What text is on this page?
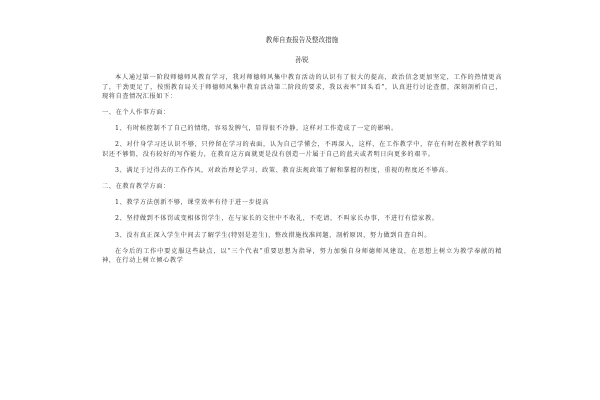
教师自查报告及整改措施
孙锐

本人通过第一阶段师德师风教育学习，我对师德师风集中教育活动的认识有了很大的提高，政治信念更加坚定，工作的热情更高了，干劲更足了，按照教育局关于师德师风集中教育活动第二阶段的要求，我以表率“回头看”，认真进行讨论查摆，深刻剖析自己，现将自查情况汇报如下：

一、在个人作事方面：

1、有时候控制不了自己的情绪，容易发脾气，显得很不冷静，这样对工作造成了一定的影响。

2、对什身学习还认识不够，只停留在学习的表面，认为自己学懂会，不再深入，这样，在工作教学中，存在有时在教材教学的知识还不够简，没有较好的写作能力，在教育这方面就更是没有创造一片属于自己的蓝天或者明日向更多的艰辛。

3、满足于过得去的工作作风，对政治理论学习、政策、教育法规政策了解和掌握的程度，重视的程度还不够高。

二、在教育教学方面：

1、教学方法创新不够，课堂效率有待于进一步提高

2、坚持做到不体罚或变相体罚学生，在与家长的交往中不收礼，不吃请，不叫家长办事，不进行有偿家教。

3、没有真正深入学生中间去了解学生(特别是差生)，整改措施找准问题，剖析原因，努力做到自查自纠。

在今后的工作中要克服这些缺点，以“三个代表”重要思想为指导，努力加强自身师德师风建设，在思想上树立为教学奉献的精神，在行动上树立倾心教学
